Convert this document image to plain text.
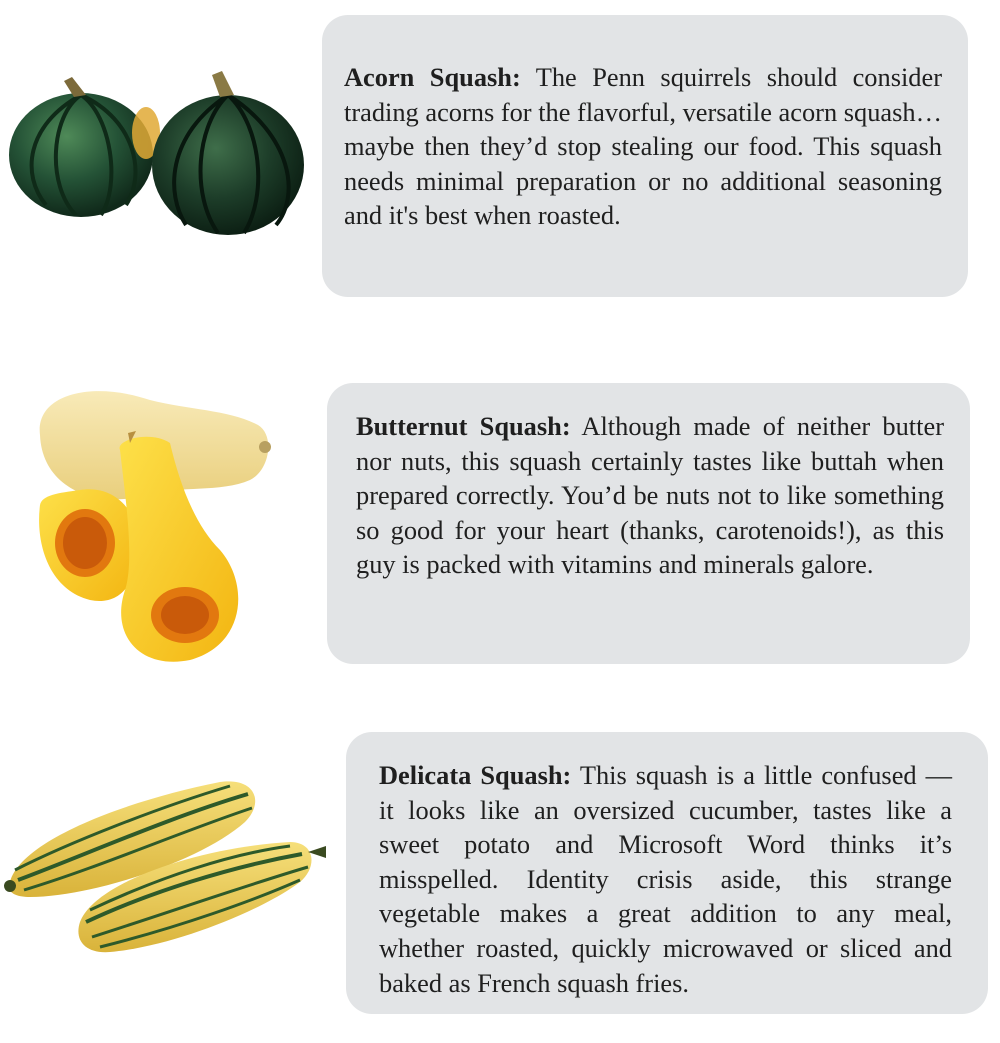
Acorn Squash: The Penn squirrels should consider trading acorns for the flavorful, versatile acorn squash…maybe then they’d stop stealing our food. This squash needs minimal preparation or no additional seasoning and it's best when roasted.

Butternut Squash: Although made of neither butter nor nuts, this squash certainly tastes like buttah when prepared correctly. You’d be nuts not to like something so good for your heart (thanks, carotenoids!), as this guy is packed with vitamins and minerals galore.

Delicata Squash: This squash is a little confused — it looks like an oversized cucumber, tastes like a sweet potato and Microsoft Word thinks it’s misspelled. Identity crisis aside, this strange vegetable makes a great addition to any meal, whether roasted, quickly microwaved or sliced and baked as French squash fries.
